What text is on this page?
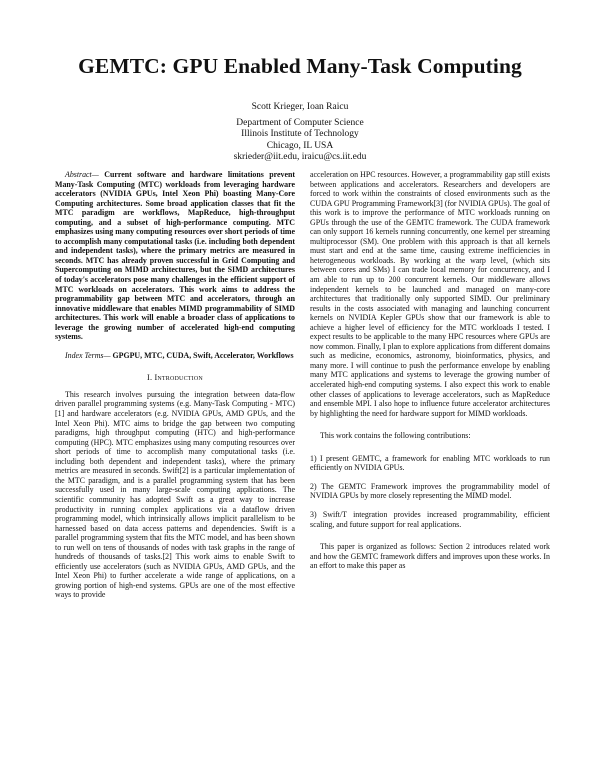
GEMTC: GPU Enabled Many-Task Computing
Scott Krieger, Ioan Raicu
Department of Computer Science
Illinois Institute of Technology
Chicago, IL USA
skrieder@iit.edu, iraicu@cs.iit.edu

Abstract— Current software and hardware limitations prevent Many-Task Computing (MTC) workloads from leveraging hardware accelerators (NVIDIA GPUs, Intel Xeon Phi) boasting Many-Core Computing architectures. Some broad application classes that fit the MTC paradigm are workflows, MapReduce, high-throughput computing, and a subset of high-performance computing. MTC emphasizes using many computing resources over short periods of time to accomplish many computational tasks (i.e. including both dependent and independent tasks), where the primary metrics are measured in seconds. MTC has already proven successful in Grid Computing and Supercomputing on MIMD architectures, but the SIMD architectures of today's accelerators pose many challenges in the efficient support of MTC workloads on accelerators. This work aims to address the programmability gap between MTC and accelerators, through an innovative middleware that enables MIMD programmability of SIMD architectures. This work will enable a broader class of applications to leverage the growing number of accelerated high-end computing systems.

Index Terms— GPGPU, MTC, CUDA, Swift, Accelerator, Workflows

I. Introduction

This research involves pursuing the integration between data-flow driven parallel programming systems (e.g. Many-Task Computing - MTC)[1] and hardware accelerators (e.g. NVIDIA GPUs, AMD GPUs, and the Intel Xeon Phi). MTC aims to bridge the gap between two computing paradigms, high throughput computing (HTC) and high-performance computing (HPC). MTC emphasizes using many computing resources over short periods of time to accomplish many computational tasks (i.e. including both dependent and independent tasks), where the primary metrics are measured in seconds. Swift[2] is a particular implementation of the MTC paradigm, and is a parallel programming system that has been successfully used in many large-scale computing applications. The scientific community has adopted Swift as a great way to increase productivity in running complex applications via a dataflow driven programming model, which intrinsically allows implicit parallelism to be harnessed based on data access patterns and dependencies. Swift is a parallel programming system that fits the MTC model, and has been shown to run well on tens of thousands of nodes with task graphs in the range of hundreds of thousands of tasks.[2] This work aims to enable Swift to efficiently use accelerators (such as NVIDIA GPUs, AMD GPUs, and the Intel Xeon Phi) to further accelerate a wide range of applications, on a growing portion of high-end systems. GPUs are one of the most effective ways to provide

acceleration on HPC resources. However, a programmability gap still exists between applications and accelerators. Researchers and developers are forced to work within the constraints of closed environments such as the CUDA GPU Programming Framework[3] (for NVIDIA GPUs). The goal of this work is to improve the performance of MTC workloads running on GPUs through the use of the GEMTC framework. The CUDA framework can only support 16 kernels running concurrently, one kernel per streaming multiprocessor (SM). One problem with this approach is that all kernels must start and end at the same time, causing extreme inefficiencies in heterogeneous workloads. By working at the warp level, (which sits between cores and SMs) I can trade local memory for concurrency, and I am able to run up to 200 concurrent kernels. Our middleware allows independent kernels to be launched and managed on many-core architectures that traditionally only supported SIMD. Our preliminary results in the costs associated with managing and launching concurrent kernels on NVIDIA Kepler GPUs show that our framework is able to achieve a higher level of efficiency for the MTC workloads I tested. I expect results to be applicable to the many HPC resources where GPUs are now common. Finally, I plan to explore applications from different domains such as medicine, economics, astronomy, bioinformatics, physics, and many more. I will continue to push the performance envelope by enabling many MTC applications and systems to leverage the growing number of accelerated high-end computing systems. I also expect this work to enable other classes of applications to leverage accelerators, such as MapReduce and ensemble MPI. I also hope to influence future accelerator architectures by highlighting the need for hardware support for MIMD workloads.

This work contains the following contributions:

1) I present GEMTC, a framework for enabling MTC workloads to run efficiently on NVIDIA GPUs.

2) The GEMTC Framework improves the programmability model of NVIDIA GPUs by more closely representing the MIMD model.

3) Swift/T integration provides increased programmability, efficient scaling, and future support for real applications.

This paper is organized as follows: Section 2 introduces related work and how the GEMTC framework differs and improves upon these works. In an effort to make this paper as
